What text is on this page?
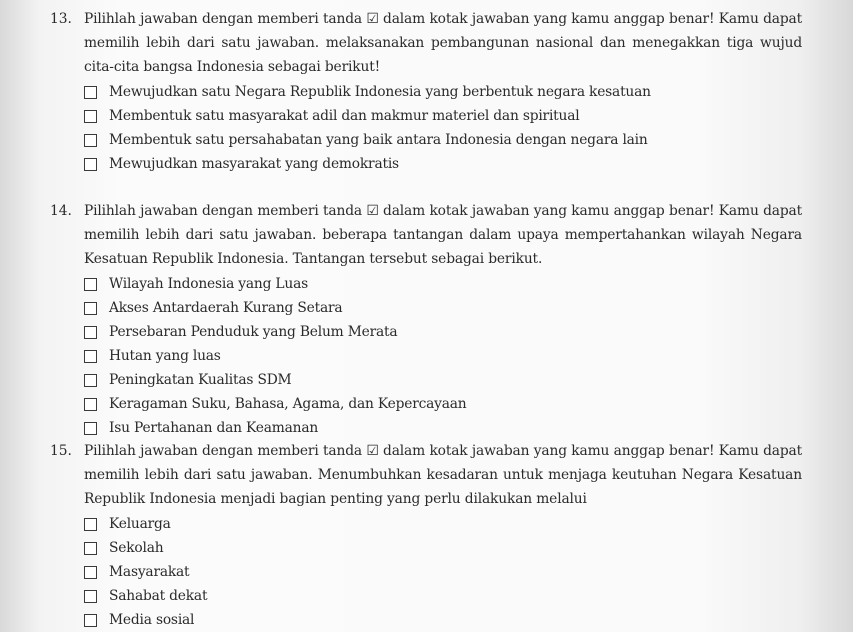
13. Pilihlah jawaban dengan memberi tanda ☑ dalam kotak jawaban yang kamu anggap benar! Kamu dapat memilih lebih dari satu jawaban. melaksanakan pembangunan nasional dan menegakkan tiga wujud cita-cita bangsa Indonesia sebagai berikut!
Mewujudkan satu Negara Republik Indonesia yang berbentuk negara kesatuan
Membentuk satu masyarakat adil dan makmur materiel dan spiritual
Membentuk satu persahabatan yang baik antara Indonesia dengan negara lain
Mewujudkan masyarakat yang demokratis
14. Pilihlah jawaban dengan memberi tanda ☑ dalam kotak jawaban yang kamu anggap benar! Kamu dapat memilih lebih dari satu jawaban. beberapa tantangan dalam upaya mempertahankan wilayah Negara Kesatuan Republik Indonesia. Tantangan tersebut sebagai berikut.
Wilayah Indonesia yang Luas
Akses Antardaerah Kurang Setara
Persebaran Penduduk yang Belum Merata
Hutan yang luas
Peningkatan Kualitas SDM
Keragaman Suku, Bahasa, Agama, dan Kepercayaan
Isu Pertahanan dan Keamanan
15. Pilihlah jawaban dengan memberi tanda ☑ dalam kotak jawaban yang kamu anggap benar! Kamu dapat memilih lebih dari satu jawaban. Menumbuhkan kesadaran untuk menjaga keutuhan Negara Kesatuan Republik Indonesia menjadi bagian penting yang perlu dilakukan melalui
Keluarga
Sekolah
Masyarakat
Sahabat dekat
Media sosial
